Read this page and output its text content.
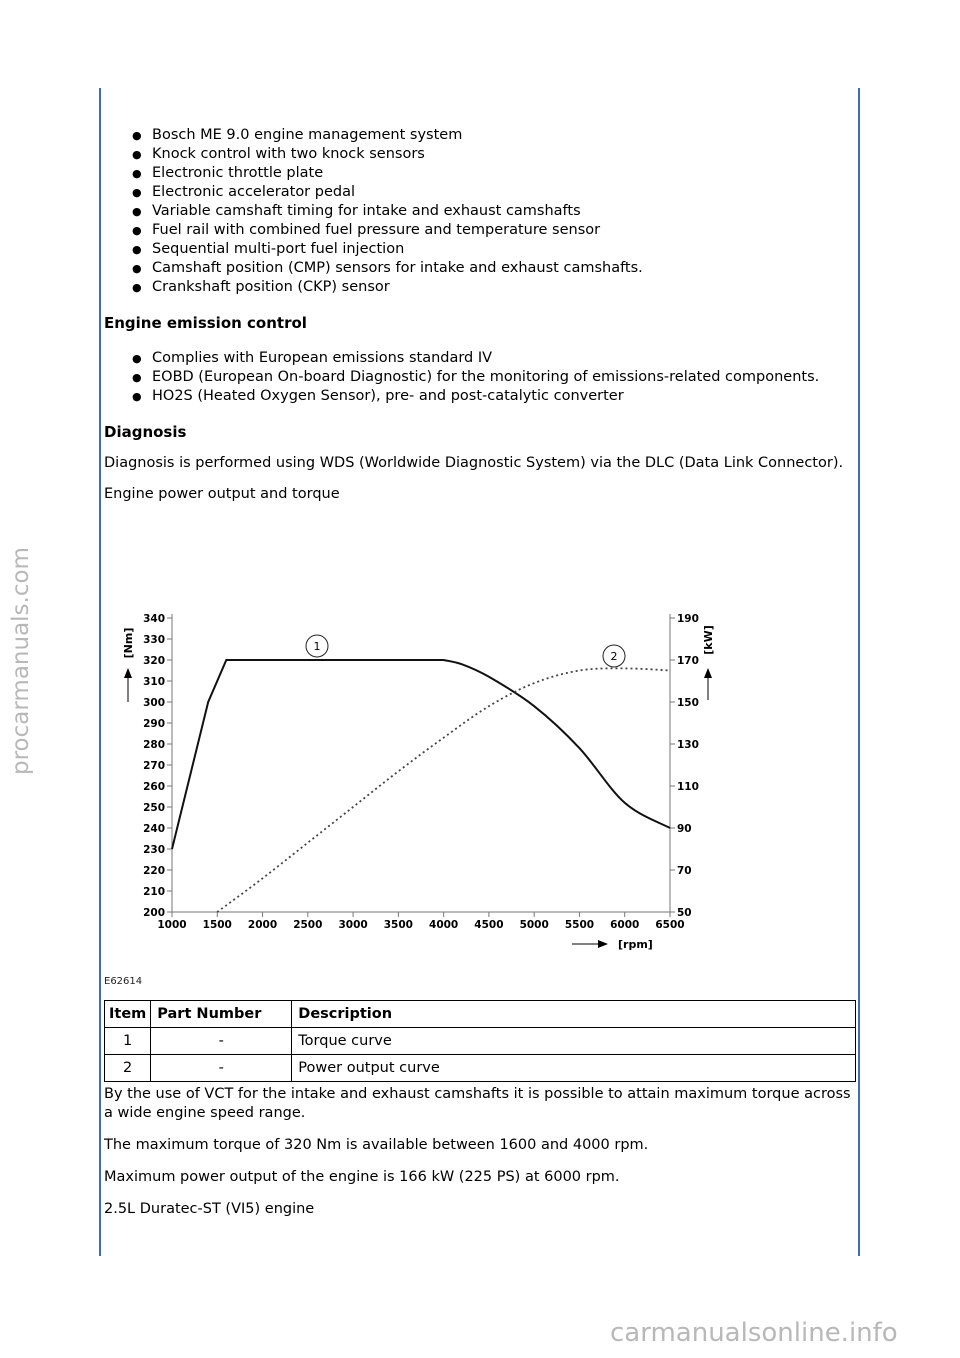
procarmanuals.com
● Bosch ME 9.0 engine management system
● Knock control with two knock sensors
● Electronic throttle plate
● Electronic accelerator pedal
● Variable camshaft timing for intake and exhaust camshafts
● Fuel rail with combined fuel pressure and temperature sensor
● Sequential multi-port fuel injection
● Camshaft position (CMP) sensors for intake and exhaust camshafts.
● Crankshaft position (CKP) sensor
Engine emission control
● Complies with European emissions standard IV
● EOBD (European On-board Diagnostic) for the monitoring of emissions-related components.
● HO2S (Heated Oxygen Sensor), pre- and post-catalytic converter
Diagnosis

Diagnosis is performed using WDS (Worldwide Diagnostic System) via the DLC (Data Link Connector).

Engine power output and torque

200
210
220
230
240
250
260
270
280
290
300
310
320
330
340
50
70
90
110
130
150
170
190
1000 1500 2000 2500 3000 3500 4000 4500 5000 5500 6000 6500
[Nm]	[kW]
[rpm]
1
2
E62614
Item	Part Number	Description
1	-	Torque curve
2	-	Power output curve

By the use of VCT for the intake and exhaust camshafts it is possible to attain maximum torque across a wide engine speed range.

The maximum torque of 320 Nm is available between 1600 and 4000 rpm.

Maximum power output of the engine is 166 kW (225 PS) at 6000 rpm.

2.5L Duratec-ST (VI5) engine

carmanualsonline.info
